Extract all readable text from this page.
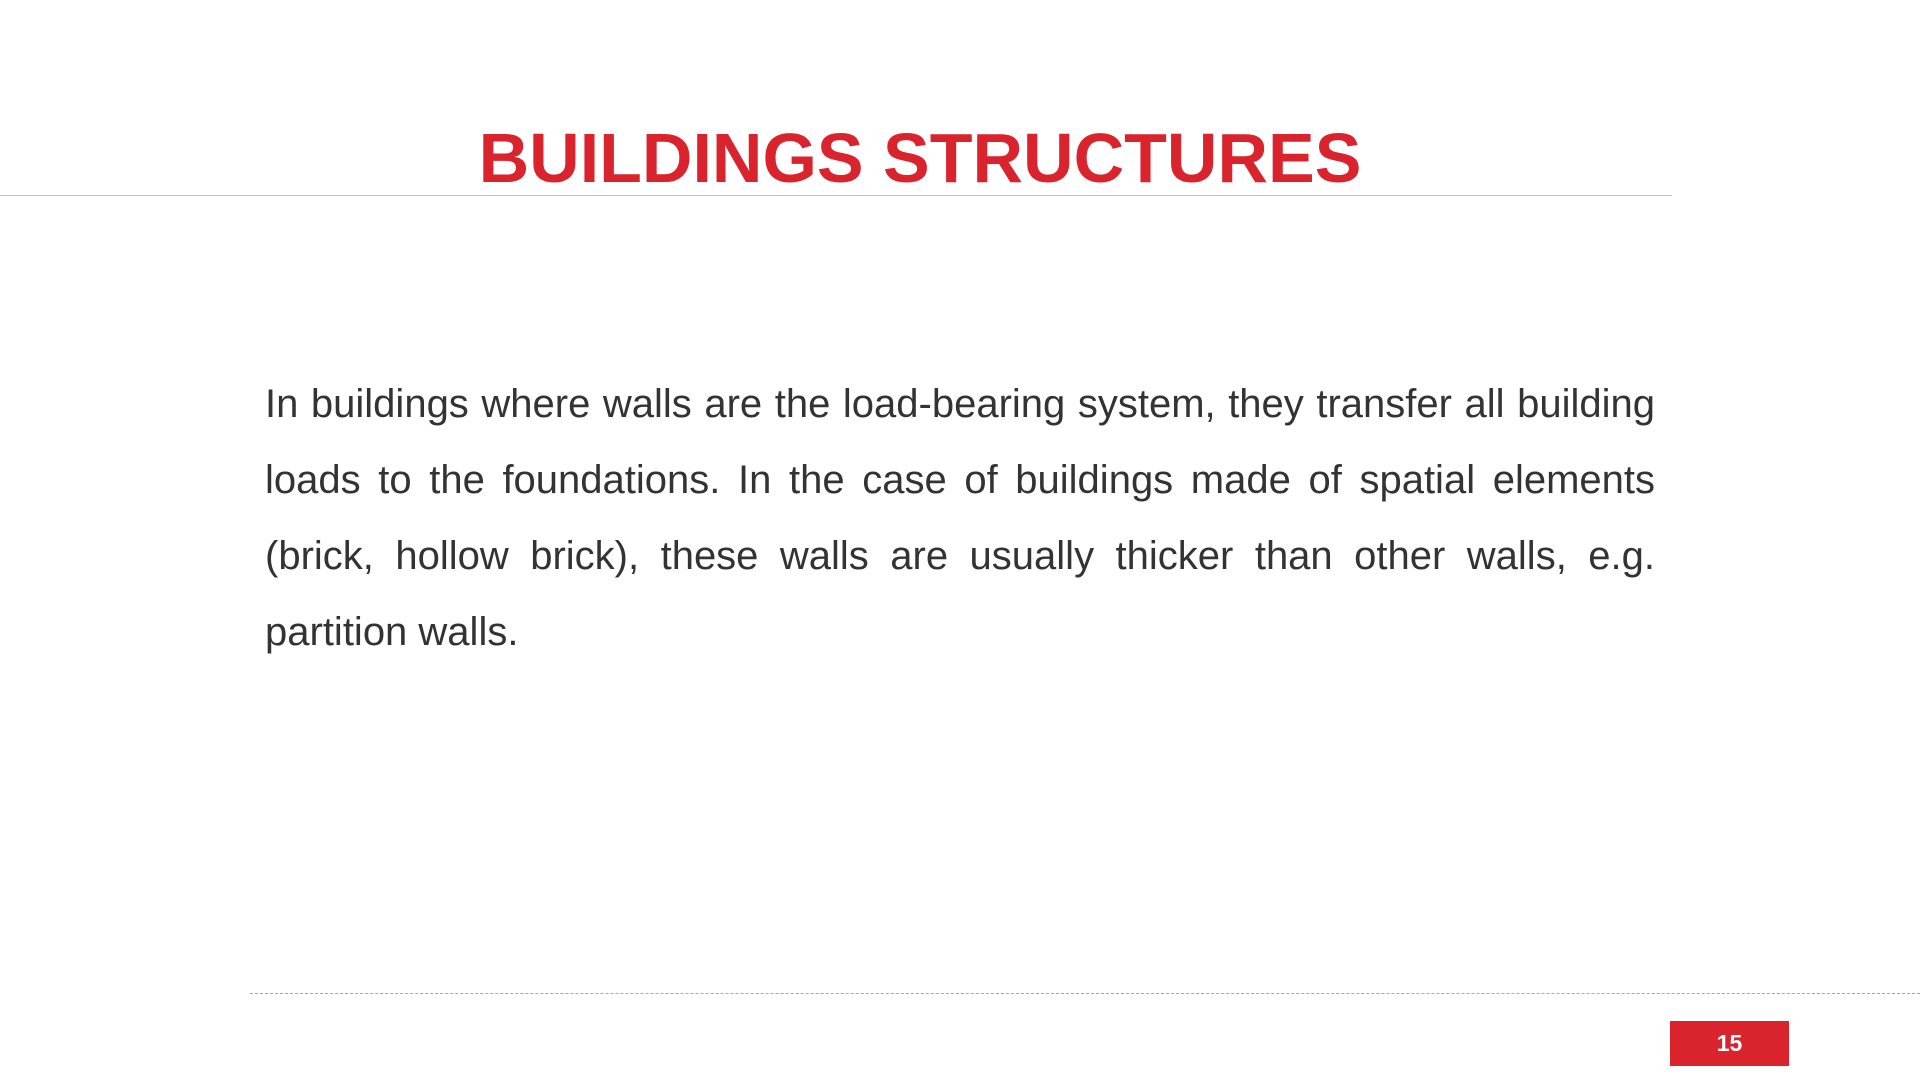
BUILDINGS STRUCTURES

In buildings where walls are the load-bearing system, they transfer all building loads to the foundations. In the case of buildings made of spatial elements (brick, hollow brick), these walls are usually thicker than other walls, e.g. partition walls.

15
